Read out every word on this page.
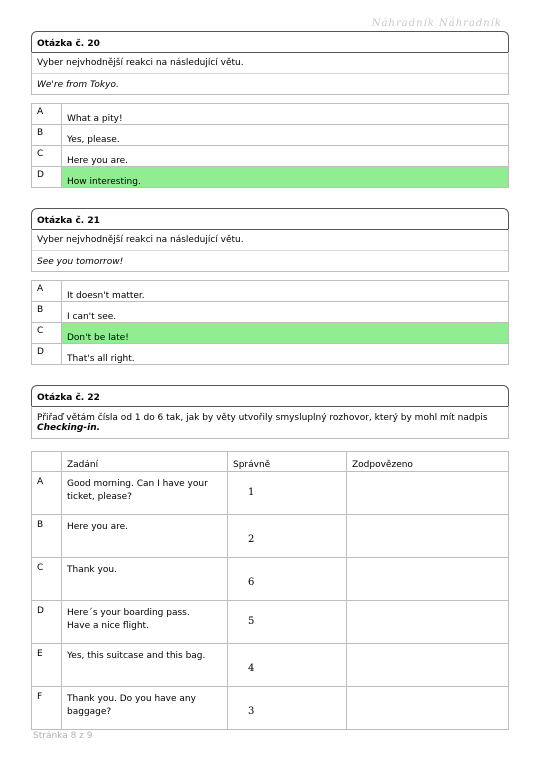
Náhradník Náhradník
Otázka č. 20
Vyber nejvhodnější reakci na následující větu.
We're from Tokyo.
A	What a pity!
B	Yes, please.
C	Here you are.
D	How interesting.
Otázka č. 21
Vyber nejvhodnější reakci na následující větu.
See you tomorrow!
A	It doesn't matter.
B	I can't see.
C	Don't be late!
D	That's all right.
Otázka č. 22
Přiřaď větám čísla od 1 do 6 tak, jak by věty utvořily smysluplný rozhovor, který by mohl mít nadpis Checking-in.
	Zadání	Správně	Zodpovězeno
A	Good morning. Can I have your ticket, please?	1	
B	Here you are.	2	
C	Thank you.	6	
D	Here´s your boarding pass. Have a nice flight.	5	
E	Yes, this suitcase and this bag.	4	
F	Thank you. Do you have any baggage?	3	
Stránka 8 z 9
